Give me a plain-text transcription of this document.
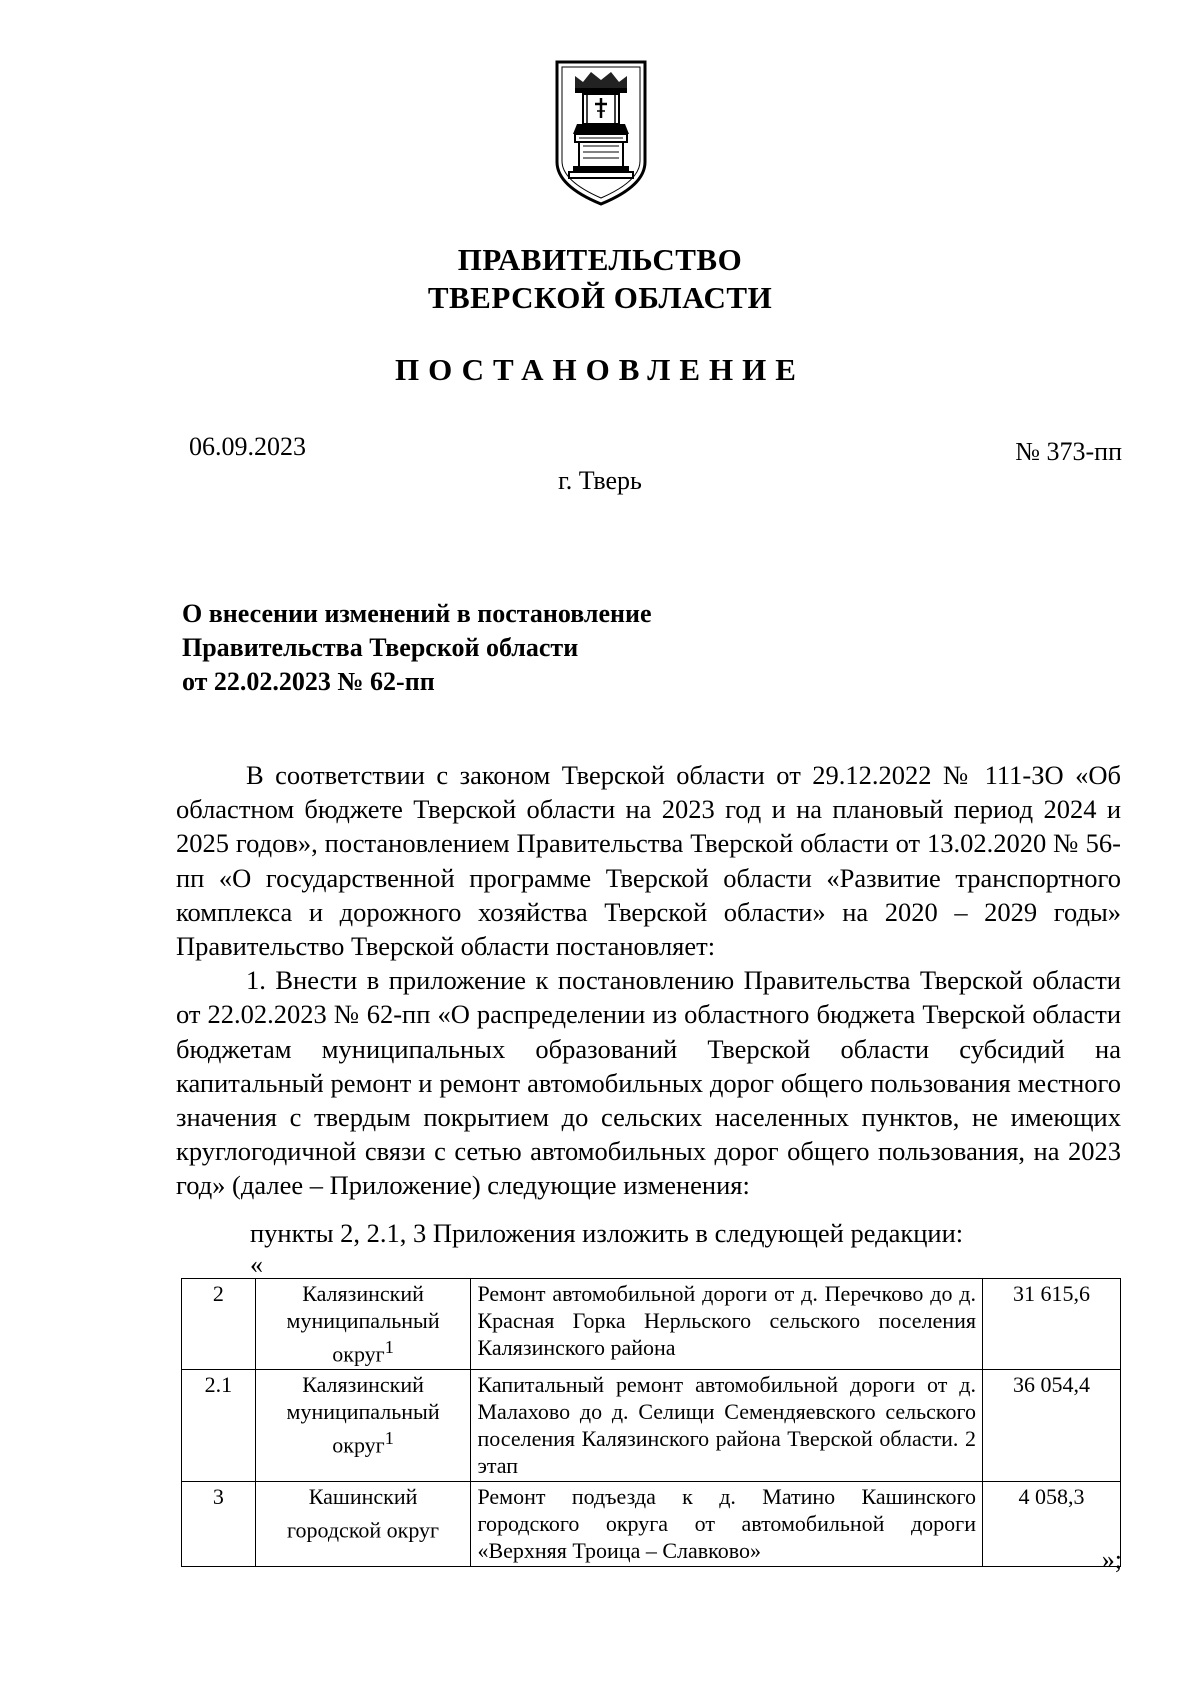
ПРАВИТЕЛЬСТВО
ТВЕРСКОЙ ОБЛАСТИ
ПОСТАНОВЛЕНИЕ
06.09.2023	№ 373-пп
г. Тверь
О внесении изменений в постановление
Правительства Тверской области
от 22.02.2023 № 62-пп

В соответствии с законом Тверской области от 29.12.2022 № 111-ЗО «Об областном бюджете Тверской области на 2023 год и на плановый период 2024 и 2025 годов», постановлением Правительства Тверской области от 13.02.2020 № 56-пп «О государственной программе Тверской области «Развитие транспортного комплекса и дорожного хозяйства Тверской области» на 2020 – 2029 годы» Правительство Тверской области постановляет:

1. Внести в приложение к постановлению Правительства Тверской области от 22.02.2023 № 62-пп «О распределении из областного бюджета Тверской области бюджетам муниципальных образований Тверской области субсидий на капитальный ремонт и ремонт автомобильных дорог общего пользования местного значения с твердым покрытием до сельских населенных пунктов, не имеющих круглогодичной связи с сетью автомобильных дорог общего пользования, на 2023 год» (далее – Приложение) следующие изменения:

пункты 2, 2.1, 3 Приложения изложить в следующей редакции:
«
2	Калязинский муниципальный округ$^1$	Ремонт автомобильной дороги от д. Перечково до д. Красная Горка Нерльского сельского поселения Калязинского района	31 615,6
2.1	Калязинский муниципальный округ$^1$	Капитальный ремонт автомобильной дороги от д. Малахово до д. Селищи Семендяевского сельского поселения Калязинского района Тверской области. 2 этап	36 054,4
3	Кашинский городской округ	Ремонт подъезда к д. Матино Кашинского городского округа от автомобильной дороги «Верхняя Троица – Славково»	4 058,3
»;
